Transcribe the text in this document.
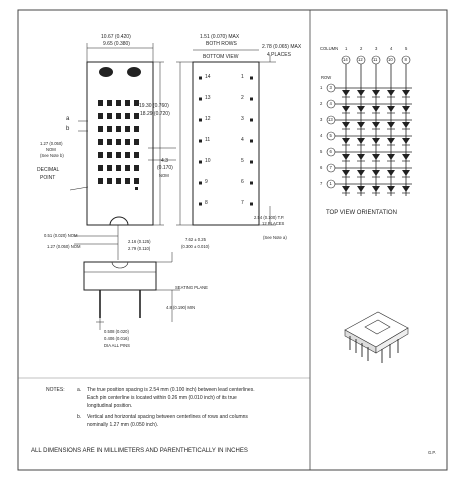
10.67 (0.420)
9.65 (0.380)
a
b
1.27 (0.050)
NOM
(See Note b)
DECIMAL
POINT
0.51 (0.020) NOM
1.27 (0.050) NOM
19.30 (0.760)
18.29 (0.720)
4.3
(0.170)
NOM
1.51 (0.070) MAX
BOTH ROWS
BOTTOM VIEW
2.78 (0.065) MAX
4 PLACES
14	1
13	2
12	3
11	4
10	5
9	6
8	7
2.54 (0.100) T.P.
12 PLACES
(See Note a)
2.16 (0.125)
2.79 (0.110)
7.62 ± 0.25
(0.300 ± 0.010)
SEATING PLANE
4.8 (0.190) MIN
0.508 (0.020)
0.406 (0.016)
DIA ALL PINS
COLUMN 1
14
2
12
3
11
4
10
5
8
1 3
2 4
3 13
4 5
5 6
6 7
7 1
ROW
TOP VIEW ORIENTATION
NOTES: a. The true position spacing is 2.54 mm (0.100 inch) between lead centerlines.
Each pin centerline is located within 0.26 mm (0.010 inch) of its true
longitudinal position.
b. Vertical and horizontal spacing between centerlines of rows and columns
nominally 1.27 mm (0.050 inch).
ALL DIMENSIONS ARE IN MILLIMETERS AND PARENTHETICALLY IN INCHES	G.P.
